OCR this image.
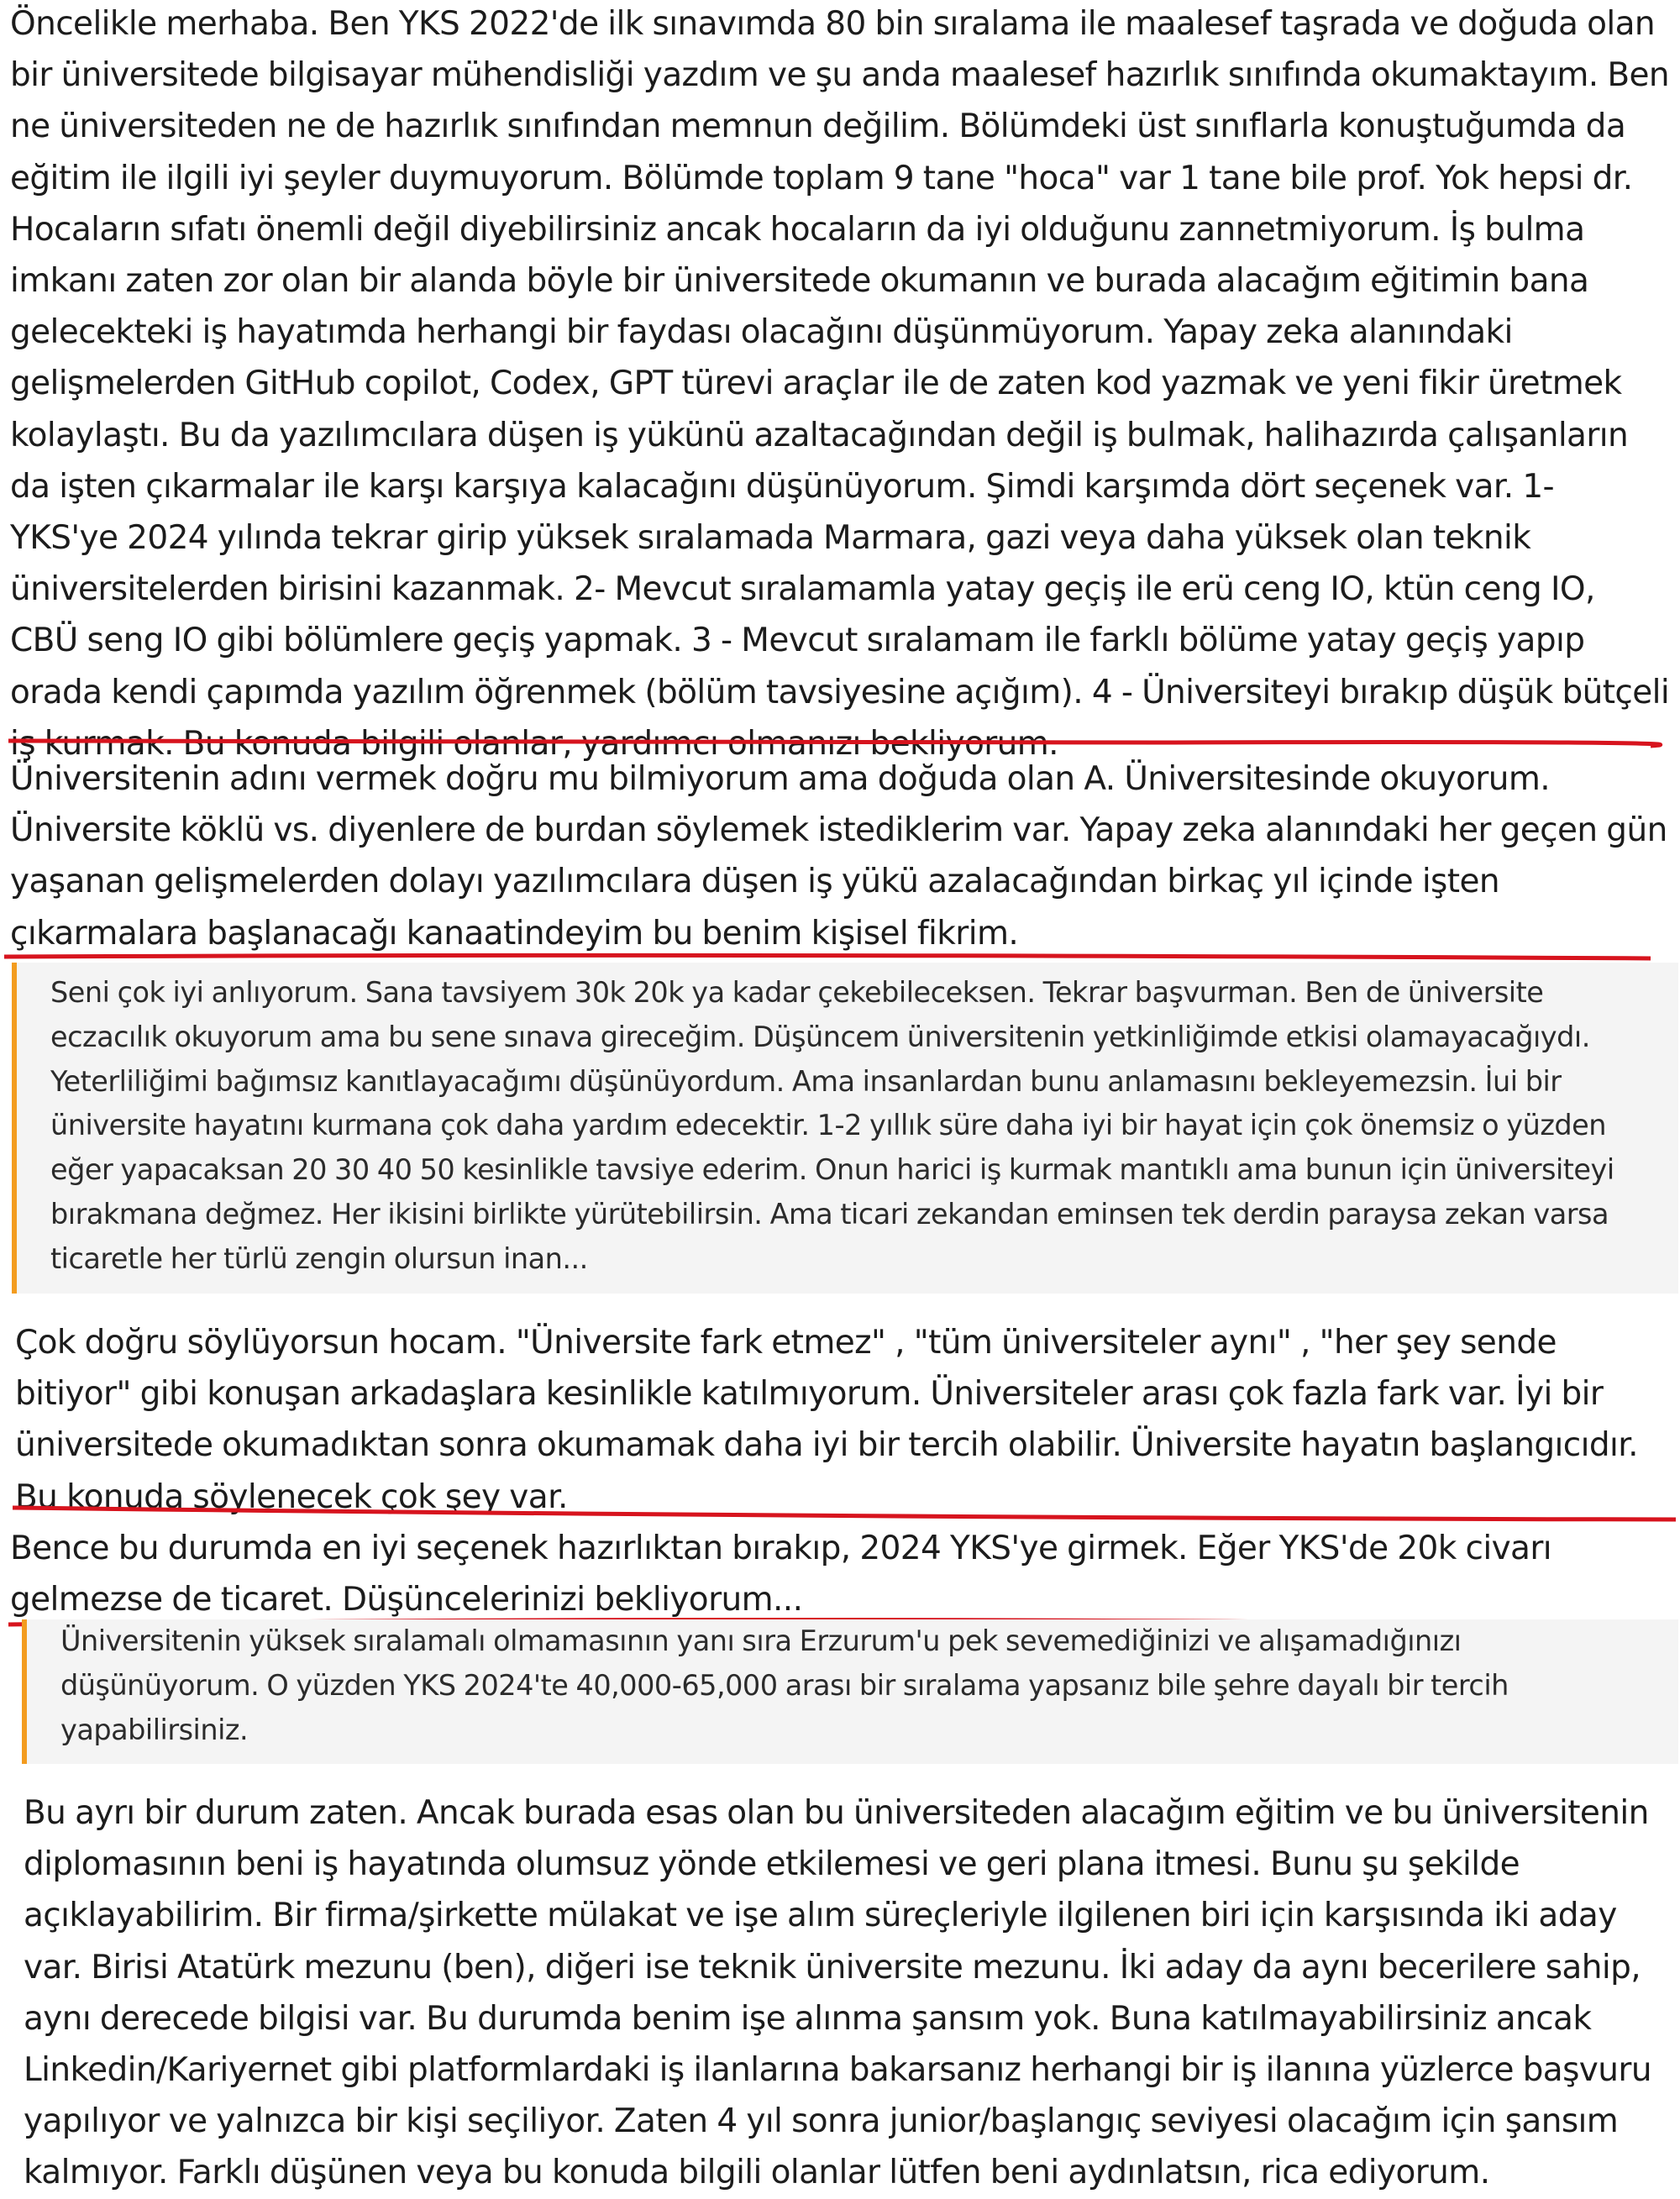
Öncelikle merhaba. Ben YKS 2022'de ilk sınavımda 80 bin sıralama ile maalesef taşrada ve doğuda olan bir üniversitede bilgisayar mühendisliği yazdım ve şu anda maalesef hazırlık sınıfında okumaktayım. Ben ne üniversiteden ne de hazırlık sınıfından memnun değilim. Bölümdeki üst sınıflarla konuştuğumda da eğitim ile ilgili iyi şeyler duymuyorum. Bölümde toplam 9 tane "hoca" var 1 tane bile prof. Yok hepsi dr. Hocaların sıfatı önemli değil diyebilirsiniz ancak hocaların da iyi olduğunu zannetmiyorum. İş bulma imkanı zaten zor olan bir alanda böyle bir üniversitede okumanın ve burada alacağım eğitimin bana gelecekteki iş hayatımda herhangi bir faydası olacağını düşünmüyorum. Yapay zeka alanındaki gelişmelerden GitHub copilot, Codex, GPT türevi araçlar ile de zaten kod yazmak ve yeni fikir üretmek kolaylaştı. Bu da yazılımcılara düşen iş yükünü azaltacağından değil iş bulmak, halihazırda çalışanların da işten çıkarmalar ile karşı karşıya kalacağını düşünüyorum. Şimdi karşımda dört seçenek var. 1- YKS'ye 2024 yılında tekrar girip yüksek sıralamada Marmara, gazi veya daha yüksek olan teknik üniversitelerden birisini kazanmak. 2- Mevcut sıralamamla yatay geçiş ile erü ceng IO, ktün ceng IO, CBÜ seng IO gibi bölümlere geçiş yapmak. 3 - Mevcut sıralamam ile farklı bölüme yatay geçiş yapıp orada kendi çapımda yazılım öğrenmek (bölüm tavsiyesine açığım). 4 - Üniversiteyi bırakıp düşük bütçeli iş kurmak. Bu konuda bilgili olanlar, yardımcı olmanızı bekliyorum.

Üniversitenin adını vermek doğru mu bilmiyorum ama doğuda olan A. Üniversitesinde okuyorum. Üniversite köklü vs. diyenlere de burdan söylemek istediklerim var. Yapay zeka alanındaki her geçen gün yaşanan gelişmelerden dolayı yazılımcılara düşen iş yükü azalacağından birkaç yıl içinde işten çıkarmalara başlanacağı kanaatindeyim bu benim kişisel fikrim.

Seni çok iyi anlıyorum. Sana tavsiyem 30k 20k ya kadar çekebileceksen. Tekrar başvurman. Ben de üniversite eczacılık okuyorum ama bu sene sınava gireceğim. Düşüncem üniversitenin yetkinliğimde etkisi olamayacağıydı. Yeterliliğimi bağımsız kanıtlayacağımı düşünüyordum. Ama insanlardan bunu anlamasını bekleyemezsin. İui bir üniversite hayatını kurmana çok daha yardım edecektir. 1-2 yıllık süre daha iyi bir hayat için çok önemsiz o yüzden eğer yapacaksan 20 30 40 50 kesinlikle tavsiye ederim. Onun harici iş kurmak mantıklı ama bunun için üniversiteyi bırakmana değmez. Her ikisini birlikte yürütebilirsin. Ama ticari zekandan eminsen tek derdin paraysa zekan varsa ticaretle her türlü zengin olursun inan...

Çok doğru söylüyorsun hocam. "Üniversite fark etmez" , "tüm üniversiteler aynı" , "her şey sende bitiyor" gibi konuşan arkadaşlara kesinlikle katılmıyorum. Üniversiteler arası çok fazla fark var. İyi bir üniversitede okumadıktan sonra okumamak daha iyi bir tercih olabilir. Üniversite hayatın başlangıcıdır. Bu konuda söylenecek çok şey var.

Bence bu durumda en iyi seçenek hazırlıktan bırakıp, 2024 YKS'ye girmek. Eğer YKS'de 20k civarı gelmezse de ticaret. Düşüncelerinizi bekliyorum...

Üniversitenin yüksek sıralamalı olmamasının yanı sıra Erzurum'u pek sevemediğinizi ve alışamadığınızı düşünüyorum. O yüzden YKS 2024'te 40,000-65,000 arası bir sıralama yapsanız bile şehre dayalı bir tercih yapabilirsiniz.

Bu ayrı bir durum zaten. Ancak burada esas olan bu üniversiteden alacağım eğitim ve bu üniversitenin diplomasının beni iş hayatında olumsuz yönde etkilemesi ve geri plana itmesi. Bunu şu şekilde açıklayabilirim. Bir firma/şirkette mülakat ve işe alım süreçleriyle ilgilenen biri için karşısında iki aday var. Birisi Atatürk mezunu (ben), diğeri ise teknik üniversite mezunu. İki aday da aynı becerilere sahip, aynı derecede bilgisi var. Bu durumda benim işe alınma şansım yok. Buna katılmayabilirsiniz ancak Linkedin/Kariyernet gibi platformlardaki iş ilanlarına bakarsanız herhangi bir iş ilanına yüzlerce başvuru yapılıyor ve yalnızca bir kişi seçiliyor. Zaten 4 yıl sonra junior/başlangıç seviyesi olacağım için şansım kalmıyor. Farklı düşünen veya bu konuda bilgili olanlar lütfen beni aydınlatsın, rica ediyorum.
